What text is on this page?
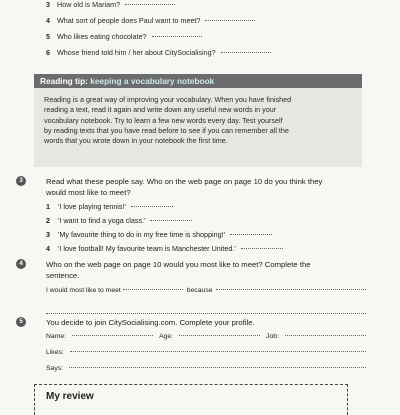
3 How old is Mariam?
4 What sort of people does Paul want to meet?
5 Who likes eating chocolate?
6 Whose friend told him / her about CitySocialising?
Reading tip: keeping a vocabulary notebook
Reading is a great way of improving your vocabulary. When you have finished
reading a text, read it again and write down any useful new words in your
vocabulary notebook. Try to learn a few new words every day. Test yourself
by reading texts that you have read before to see if you can remember all the
words that you wrote down in your notebook the first time.
3	Read what these people say. Who on the web page on page 10 do you think they
would most like to meet?
1	'I love playing tennis!'
2	'I want to find a yoga class.'
3	'My favourite thing to do in my free time is shopping!'
4	'I love football! My favourite team is Manchester United.'
4	Who on the web page on page 10 would you most like to meet? Complete the
sentence.
I would most like to meet	because
5	You decide to join CitySocialising.com. Complete your profile.
Name:	Age:	Job:
Likes:
Says:
My review
